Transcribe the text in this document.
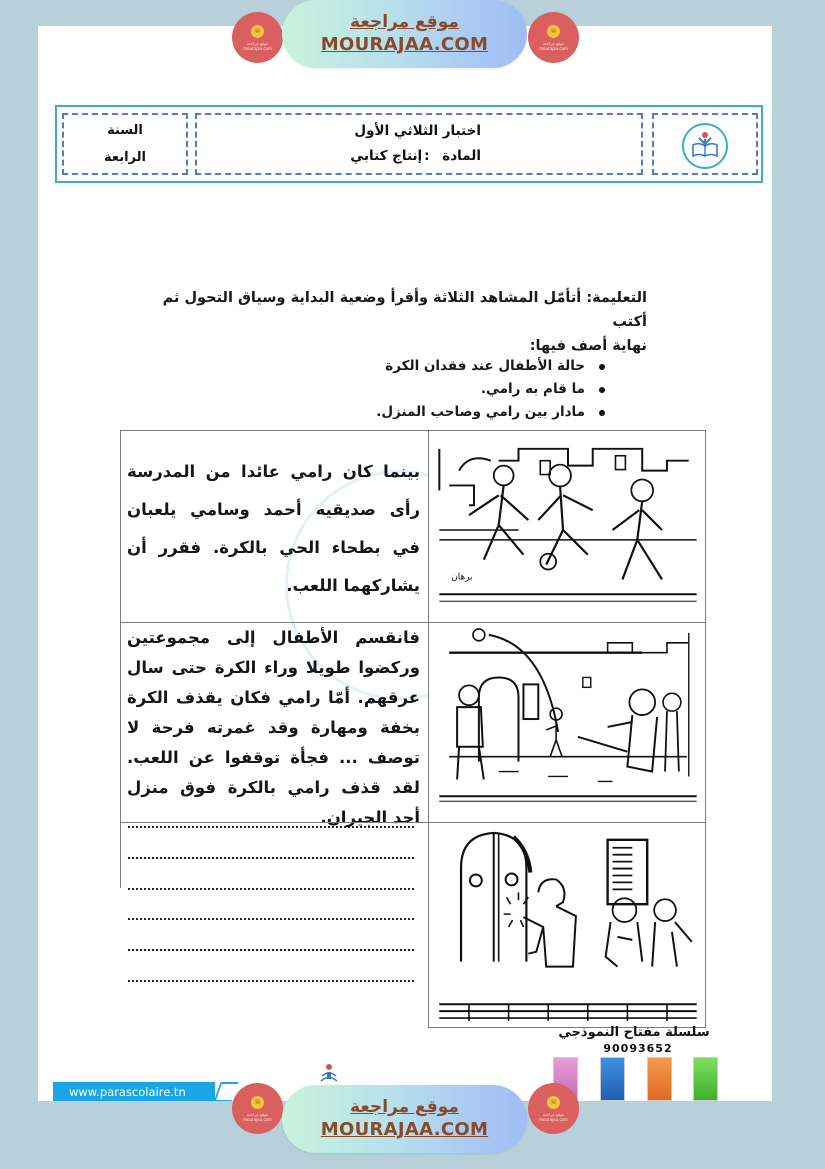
▤
موقع مراجعة
mourajaa.com
موقع مراجعة
MOURAJAA.COM
▤
موقع مراجعة
mourajaa.com
السنة
الرابعة
اختبار الثلاثي الأول
المادة :إنتاج كتابي
التعليمة: أتأمّل المشاهد الثلاثة وأقرأ وضعية البداية وسياق التحول ثم أكتب
نهاية أصف فيها:
حالة الأطفال عند فقدان الكرة
ما قام به رامي.
مادار بين رامي وصاحب المنزل.
بينما كان رامي عائدا من المدرسة رأى صديقيه أحمد وسامي يلعبان في بطحاء الحي بالكرة. فقرر أن يشاركهما اللعب.	برهان
فانقسم الأطفال إلى مجموعتين وركضوا طويلا وراء الكرة حتى سال عرقهم. أمّا رامي فكان يقذف الكرة بخفة ومهارة وقد غمرته فرحة لا توصف ... فجأة توقفوا عن اللعب. لقد قذف رامي بالكرة فوق منزل أحد الجيران.
سلسلة مفتاح النموذجي
90093652
www.parascolaire.tn
▤
موقع مراجعة
mourajaa.com
موقع مراجعة
MOURAJAA.COM
▤
موقع مراجعة
mourajaa.com
